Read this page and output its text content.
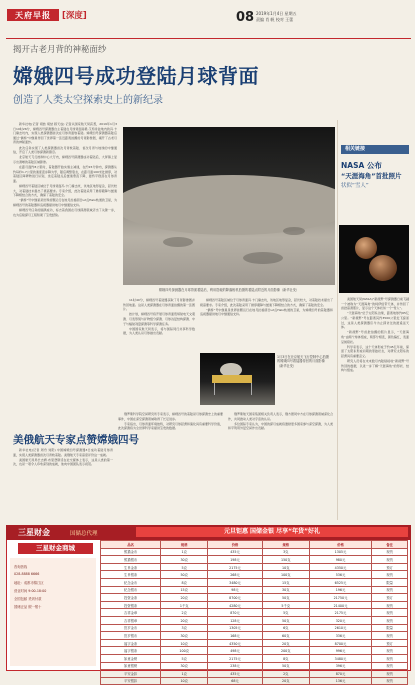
天府早报	[深度]	08 2019年1月4日 星期五
责编 肖 帆 校对 王蕾
揭开古老月背的神秘面纱
嫦娥四号成功登陆月球背面
创造了人类太空探索史上的新纪录

新华社电(记者 胡喆 胡喆 顾天成) 记者从国家航天局获悉，2019年1月3日10时26分，嫦娥四号探测器自主着陆在月球背面南极-艾特肯盆地内的冯·卡门撞击坑内，实现人类探测器首次在月球背面软着陆。嫦娥四号探测器着陆后通过“鹊桥”中继星传回了世界第一张近距离拍摄的月背影像图，揭开了古老月背的神秘面纱。

此次任务实现了人类探测器首次月背软着陆、首次月背与地球的中继通信，开启了人类月球探测新篇章。

北京航天飞行控制中心大厅内，嫦娥四号探测器成功着陆后，大屏幕上显示出清晰的着陆区域影像。

在距月面约8公里时，着陆器开始实施主减速，在约15分钟内，探测器从约每秒1.7公里的速度逐步降为零，随后调整姿态，在距月面100米处悬停，对着陆区障碍物进行识别，选定着陆点后缓速垂直下降，最终平稳落在月球背面。

嫦娥四号着陆区域位于月球背面冯·卡门撞击坑，该地区地形复杂，起伏较大，对着陆技术提出了极高要求。专家介绍，此次着陆采用了悬停避障与缓速下降相结合的方式，确保了着陆的安全。

“鹊桥”号中继星是世界首颗运行在地月拉格朗日L2点Halo轨道的卫星，为嫦娥四号的着陆器和巡视器提供地月中继通信支持。

嫦娥四号任务的圆满成功，标志着我国在月球探测领域迈出了关键一步，也为后续探月工程积累了宝贵经验。

嫦娥四号探测器在月球背面着陆后，利用搭载的降落相机拍摄的着陆点附近的月面影像（新华社发）

11时40分，嫦娥四号着陆器获取了月背影像图并传回地面。这是人类探测器在月球背面拍摄的第一张图片。

按计划，嫦娥四号将开展月球背面低频射电天文观测、月表形貌与矿物组分探测、月球浅层结构探测、中子与辐射剂量探测等科学探测任务。

中国国家航天局表示，将与国际同行共享科学数据，为人类认识月球做出贡献。

嫦娥四号着陆区域位于月球背面冯·卡门撞击坑，该地区地形复杂，起伏较大，对着陆技术提出了极高要求。专家介绍，此次着陆采用了悬停避障与缓速下降相结合的方式，确保了着陆的安全。

“鹊桥”号中继星是世界首颗运行在地月拉格朗日L2点Halo轨道的卫星，为嫦娥四号的着陆器和巡视器提供地月中继通信支持。

1月3日在北京航天飞行控制中心拍摄的嫦娥四号着陆器传回的月面影像（新华社发）
相关链接
NASA 公布
“天涯海角”首批照片
状似“雪人”

美国航天局(NASA)“新视野”号探测器日前飞越一个被称为“天涯海角”的柯伊伯带天体，并传回了首批高清照片，显示这个天体状似一个“雪人”。

“天涯海角”位于太阳系边缘，距离地球约65亿公里。“新视野”号在距离其约3500公里处飞掠而过，这是人类探测器迄今为止探访过的最遥远天体。

“新视野”号首批拍摄的照片显示，“天涯海角”由两个球体组成，两部分相连，颜色偏红，表面呈斑驳状。

科学家表示，这个天体形成于约45亿年前，保留了太阳系形成初期的原始状态，对研究太阳系的起源具有重要意义。

研究人员将在未来数月内陆续接收“新视野”号传回的数据，以进一步了解“天涯海角”的形状、结构与组成。

美俄航天专家点赞嫦娥四号

新华社电(记者 周舟 刘阳) 中国嫦娥四号探测器3日成功着陆月球背面，实现人类探测器首次月背软着陆。美俄航天专家高度评价这一成就。

美国航天局局长吉姆·布里登斯廷在社交媒体上表示，这是人类的第一次，也是一项令人印象深刻的成就，他向中国团队表示祝贺。

俄罗斯科学院空间研究所专家表示，嫦娥四号的着陆是月球探测史上的重要事件，中国在深空探测领域取得了长足进步。

专家指出，月球背面环境独特，对研究月球起源和演化具有重要科学价值，此次探测将为全世界科学家提供宝贵的数据。

俄罗斯航天国家集团相关负责人表示，俄方愿同中方在月球探测领域深化合作，共同推动人类对宇宙的认识。

多位国际专家认为，中国的探月成就将激励更多国家参与深空探测，为人类和平利用外层空间作出贡献。

三星财金	国储总代理	元旦钜惠 国储金银 尽享“年货”好礼
三星财金商城
咨询热线
028-8888 6666
地址：成都市锦江区
营业时间 9:00-18:00
全国包邮 货到付款
国储正品 假一赔十
品名	规格	价格	规格	价格	备注
熊猫金币	1克	435元	3克	1305元	现货
熊猫银币	30克	198元	150克	980元	现货
生肖金条	5克	2175元	10克	4350元	预订
生肖银条	50克	268元	100克	536元	现货
纪念金币	8克	3480元	15克	6525元	限量
纪念银币	15克	98元	30克	196元	现货
投资金条	20克	8700元	50克	21750元	预订
投资银条	1千克	4280元	5千克	21400元	现货
吉祥金章	2克	870元	5克	2175元	现货
吉祥银章	20克	128元	50克	320元	现货
贺岁金币	3克	1305元	6克	2610元	限量
贺岁银币	30克	168元	60克	336元	现货
福字金条	10克	4350元	20克	8700元	预订
福字银条	100克	498元	200克	996元	现货
如意金锁	5克	2175元	8克	3480元	现货
如意银锁	30克	238元	50克	396元	现货
平安金扣	1克	435元	2克	870元	现货
平安银扣	10克	68元	20克	136元	现货
